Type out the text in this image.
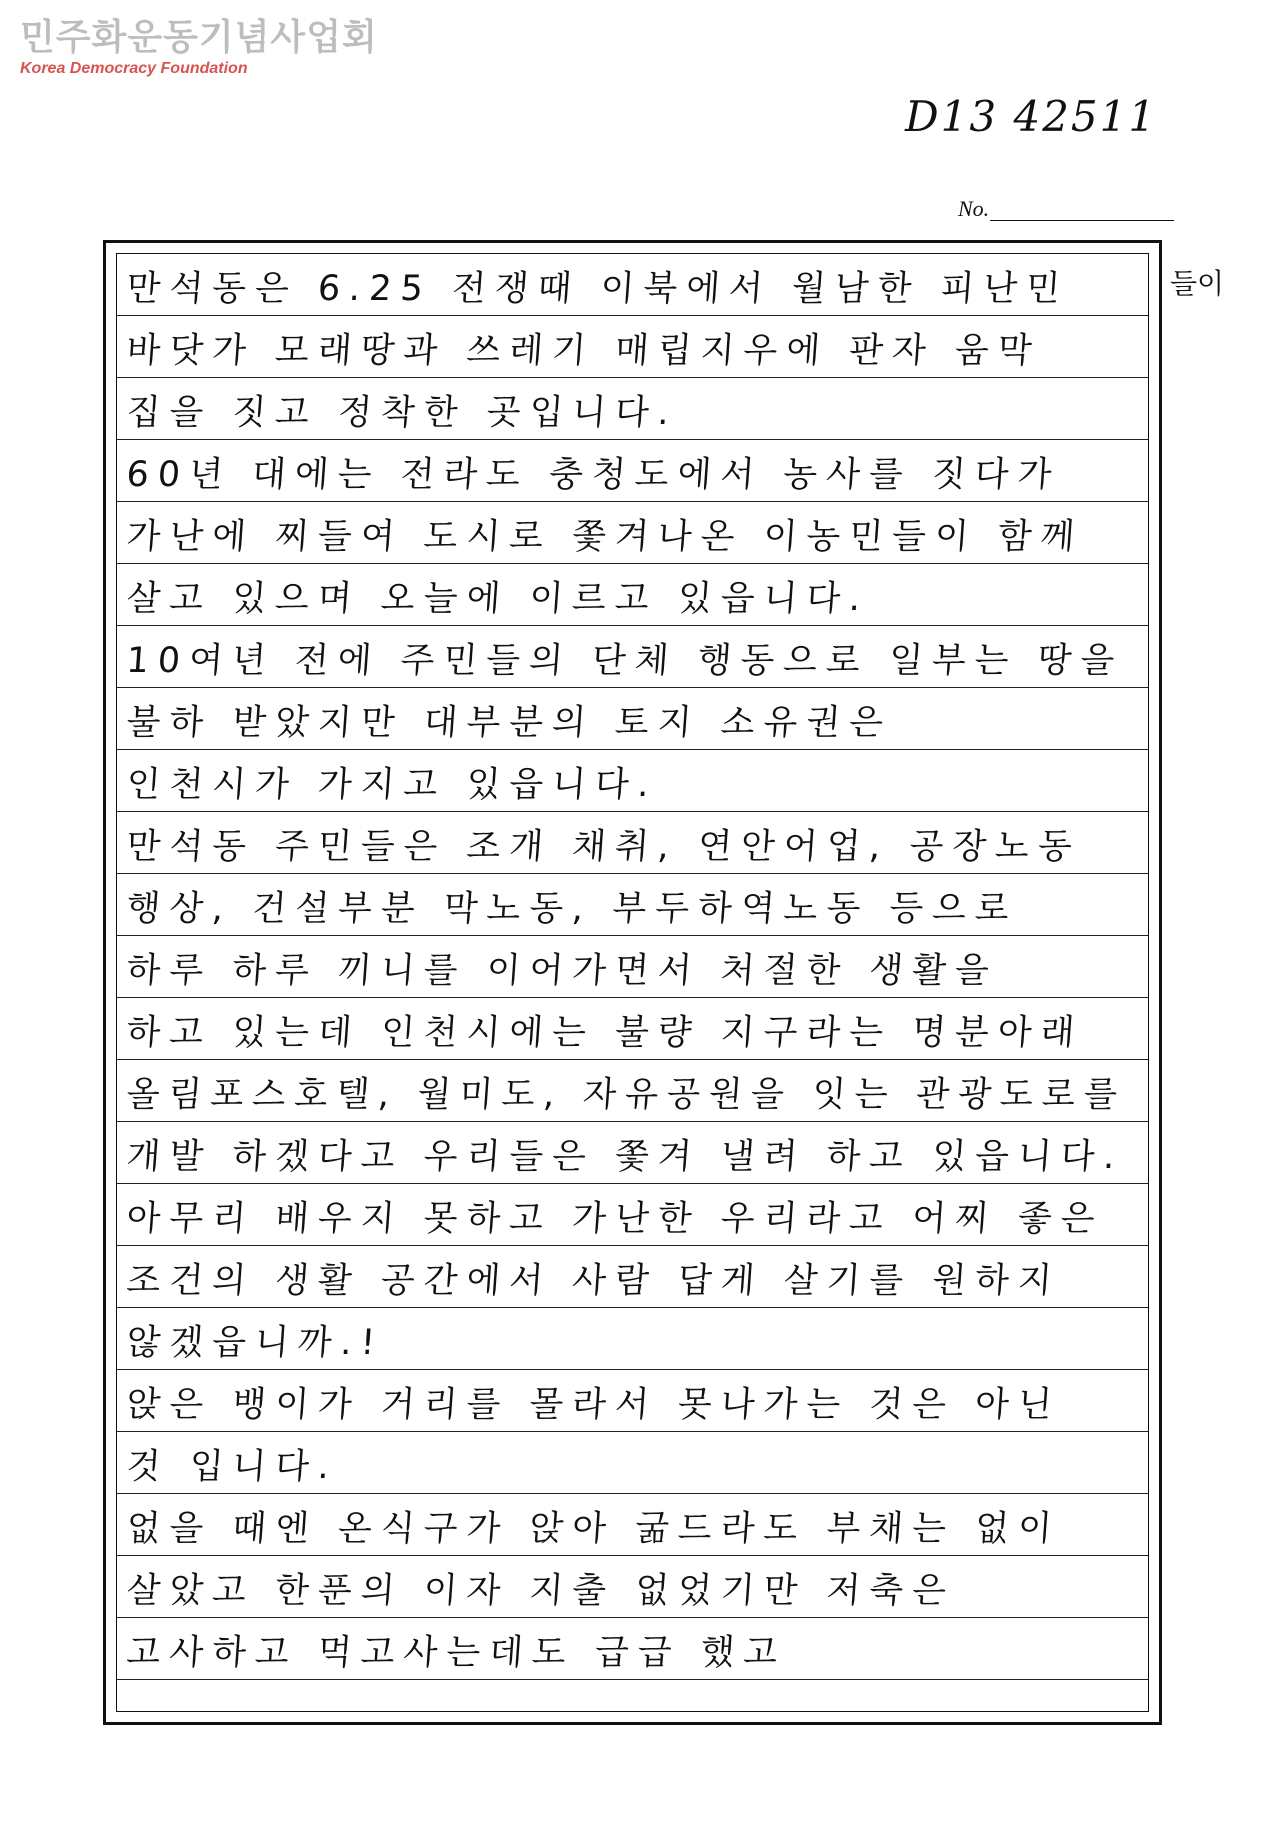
민주화운동기념사업회
Korea Democracy Foundation
D13 42511
No.
만석동은 6.25 전쟁때 이북에서 월남한 피난민
바닷가 모래땅과 쓰레기 매립지우에 판자 움막
집을 짓고 정착한 곳입니다.
60년 대에는 전라도 충청도에서 농사를 짓다가
가난에 찌들여 도시로 쫓겨나온 이농민들이 함께
살고 있으며 오늘에 이르고 있읍니다.
10여년 전에 주민들의 단체 행동으로 일부는 땅을
불하 받았지만 대부분의 토지 소유권은
인천시가 가지고 있읍니다.
만석동 주민들은 조개 채취, 연안어업, 공장노동
행상, 건설부분 막노동, 부두하역노동 등으로
하루 하루 끼니를 이어가면서 처절한 생활을
하고 있는데 인천시에는 불량 지구라는 명분아래
올림포스호텔, 월미도, 자유공원을 잇는 관광도로를
개발 하겠다고 우리들은 쫓겨 낼려 하고 있읍니다.
아무리 배우지 못하고 가난한 우리라고 어찌 좋은
조건의 생활 공간에서 사람 답게 살기를 원하지
않겠읍니까.!
앉은 뱅이가 거리를 몰라서 못나가는 것은 아닌
것 입니다.
없을 때엔 온식구가 앉아 굶드라도 부채는 없이
살았고 한푼의 이자 지출 없었기만 저축은
고사하고 먹고사는데도 급급 했고
들이
